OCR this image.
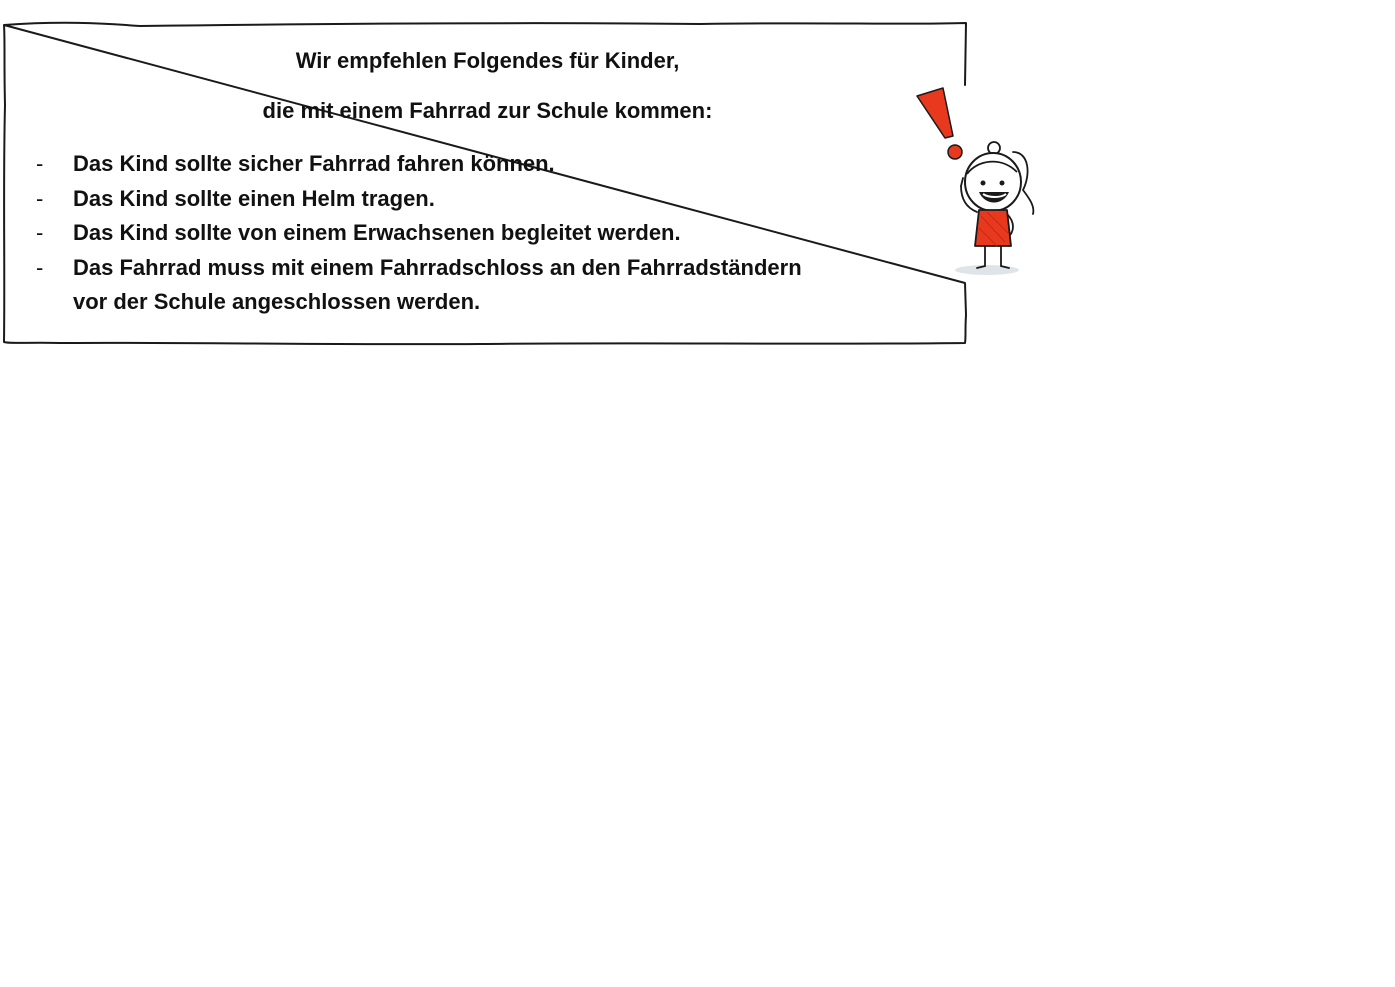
Wir empfehlen Folgendes für Kinder,

die mit einem Fahrrad zur Schule kommen:

- Das Kind sollte sicher Fahrrad fahren können.
- Das Kind sollte einen Helm tragen.
- Das Kind sollte von einem Erwachsenen begleitet werden.
- Das Fahrrad muss mit einem Fahrradschloss an den Fahrradständern
vor der Schule angeschlossen werden.
